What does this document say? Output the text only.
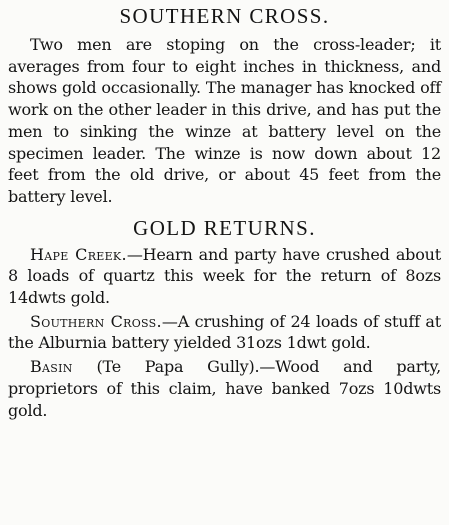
SOUTHERN CROSS.

Two men are stoping on the cross-leader; it averages from four to eight inches in thickness, and shows gold occasionally. The manager has knocked off work on the other leader in this drive, and has put the men to sinking the winze at battery level on the specimen leader. The winze is now down about 12 feet from the old drive, or about 45 feet from the battery level.

GOLD RETURNS.

Hape Creek.—Hearn and party have crushed about 8 loads of quartz this week for the return of 8ozs 14dwts gold.

Southern Cross.—A crushing of 24 loads of stuff at the Alburnia battery yielded 31ozs 1dwt gold.

Basin (Te Papa Gully).—Wood and party, proprietors of this claim, have banked 7ozs 10dwts gold.
